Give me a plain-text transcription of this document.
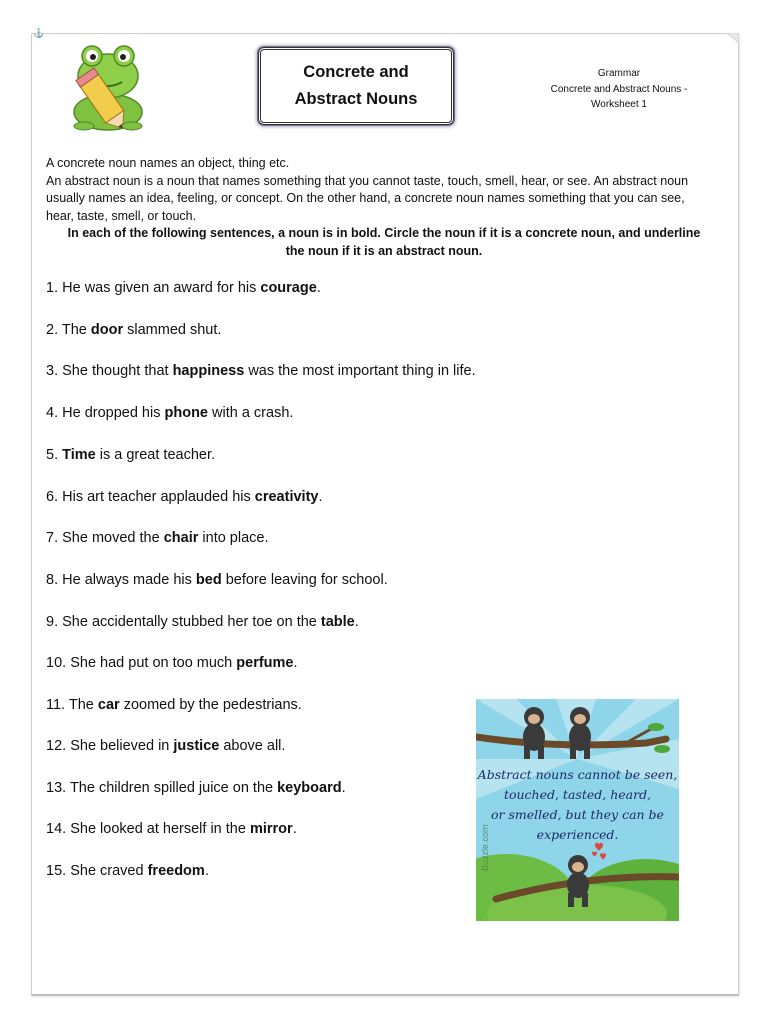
⚓
Concrete and
Abstract Nouns
Grammar
Concrete and Abstract Nouns -
Worksheet 1

A concrete noun names an object, thing etc.

An abstract noun is a noun that names something that you cannot taste, touch, smell, hear, or see. An abstract noun usually names an idea, feeling, or concept. On the other hand, a concrete noun names something that you can see, hear, taste, smell, or touch.

In each of the following sentences, a noun is in bold. Circle the noun if it is a concrete noun, and underline the noun if it is an abstract noun.
1. He was given an award for his courage.
2. The door slammed shut.
3. She thought that happiness was the most important thing in life.
4. He dropped his phone with a crash.
5. Time is a great teacher.
6. His art teacher applauded his creativity.
7. She moved the chair into place.
8. He always made his bed before leaving for school.
9. She accidentally stubbed her toe on the table.
10. She had put on too much perfume.
11. The car zoomed by the pedestrians.
12. She believed in justice above all.
13. The children spilled juice on the keyboard.
14. She looked at herself in the mirror.
15. She craved freedom.
Abstract nouns cannot be seen,
touched, tasted, heard,
or smelled, but they can be
experienced.
Buzzle.com
